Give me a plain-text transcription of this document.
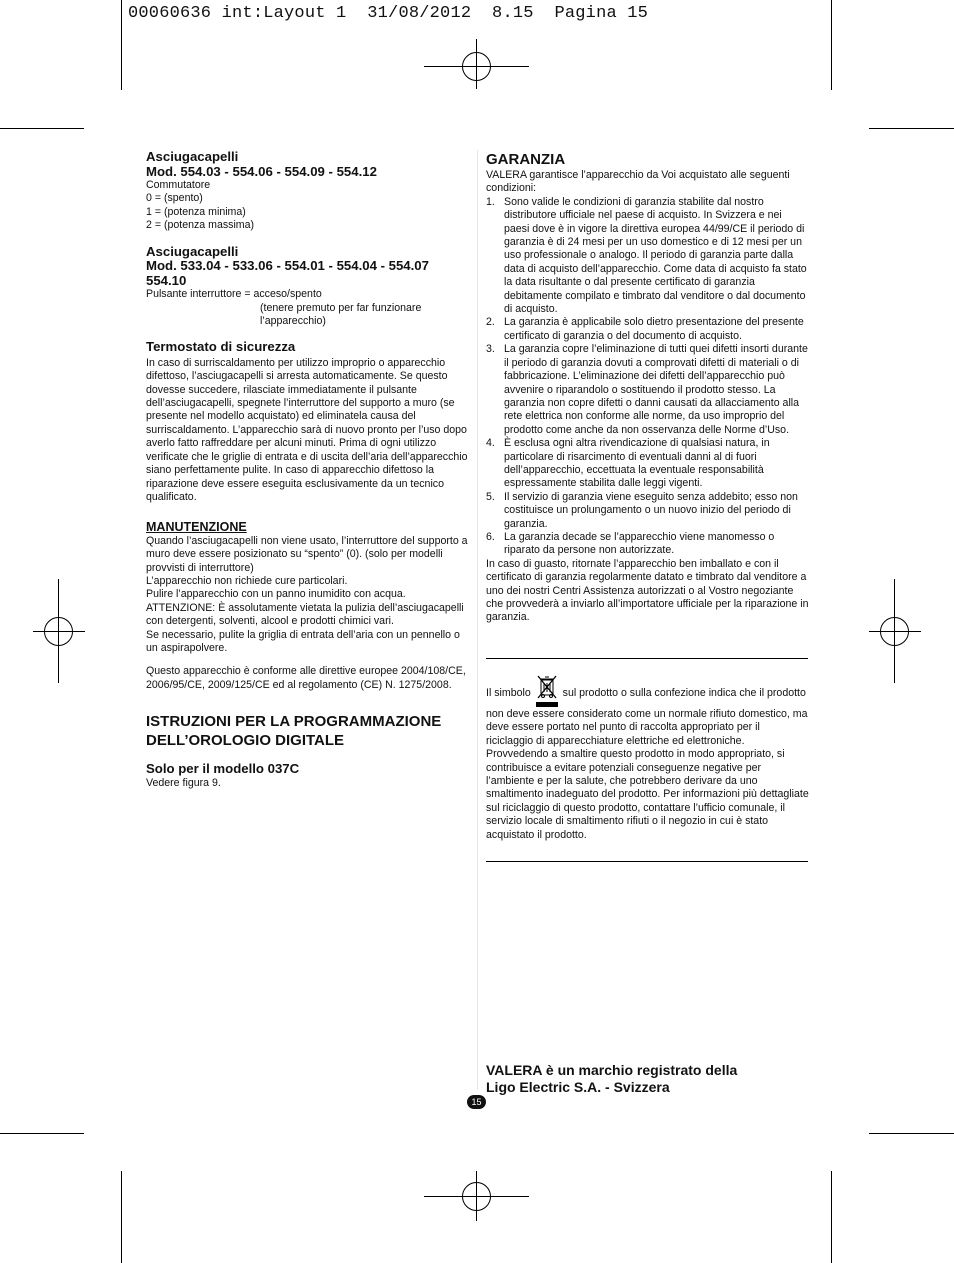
00060636 int:Layout 1  31/08/2012  8.15  Pagina 15
Asciugacapelli
Mod. 554.03 - 554.06 - 554.09 - 554.12

Commutatore

0 = (spento)

1 = (potenza minima)

2 = (potenza massima)

Asciugacapelli
Mod. 533.04 - 533.06 - 554.01 - 554.04 - 554.07
554.10

Pulsante interruttore = acceso/spento

(tenere premuto per far funzionare

l’apparecchio)

Termostato di sicurezza

In caso di surriscaldamento per utilizzo improprio o apparecchio difettoso, l’asciugacapelli si arresta automaticamente. Se questo dovesse succedere, rilasciate immediatamente il pulsante dell’asciugacapelli, spegnete l’interruttore del supporto a muro (se presente nel modello acquistato) ed eliminatela causa del surriscaldamento. L’apparecchio sarà di nuovo pronto per l’uso dopo averlo fatto raffreddare per alcuni minuti. Prima di ogni utilizzo verificate che le griglie di entrata e di uscita dell’aria dell’apparecchio siano perfettamente pulite. In caso di apparecchio difettoso la riparazione deve essere eseguita esclusivamente da un tecnico qualificato.

MANUTENZIONE

Quando l’asciugacapelli non viene usato, l’interruttore del supporto a muro deve essere posizionato su “spento” (0). (solo per modelli provvisti di interruttore)

L’apparecchio non richiede cure particolari.

Pulire l’apparecchio con un panno inumidito con acqua.

ATTENZIONE: È assolutamente vietata la pulizia dell’asciugacapelli con detergenti, solventi, alcool e prodotti chimici vari.

Se necessario, pulite la griglia di entrata dell’aria con un pennello o un aspirapolvere.

Questo apparecchio è conforme alle direttive europee 2004/108/CE, 2006/95/CE, 2009/125/CE ed al regolamento (CE) N. 1275/2008.

ISTRUZIONI PER LA PROGRAMMAZIONE DELL’OROLOGIO DIGITALE
Solo per il modello 037C

Vedere figura 9.

GARANZIA

VALERA garantisce l’apparecchio da Voi acquistato alle seguenti condizioni:

1. Sono valide le condizioni di garanzia stabilite dal nostro distributore ufficiale nel paese di acquisto. In Svizzera e nei paesi dove è in vigore la direttiva europea 44/99/CE il periodo di garanzia è di 24 mesi per un uso domestico e di 12 mesi per un uso professionale o analogo. Il periodo di garanzia parte dalla data di acquisto dell’apparecchio. Come data di acquisto fa stato la data risultante o dal presente certificato di garanzia debitamente compilato e timbrato dal venditore o dal documento di acquisto.
2. La garanzia è applicabile solo dietro presentazione del presente certificato di garanzia o del documento di acquisto.
3. La garanzia copre l’eliminazione di tutti quei difetti insorti durante il periodo di garanzia dovuti a comprovati difetti di materiali o di fabbricazione. L’eliminazione dei difetti dell’apparecchio può avvenire o riparandolo o sostituendo il prodotto stesso. La garanzia non copre difetti o danni causati da allacciamento alla rete elettrica non conforme alle norme, da uso improprio del prodotto come anche da non osservanza delle Norme d’Uso.
4. È esclusa ogni altra rivendicazione di qualsiasi natura, in particolare di risarcimento di eventuali danni al di fuori dell’apparecchio, eccettuata la eventuale responsabilità espressamente stabilita dalle leggi vigenti.
5. Il servizio di garanzia viene eseguito senza addebito; esso non costituisce un prolungamento o un nuovo inizio del periodo di garanzia.
6. La garanzia decade se l’apparecchio viene manomesso o riparato da persone non autorizzate.

In caso di guasto, ritornate l’apparecchio ben imballato e con il certificato di garanzia regolarmente datato e timbrato dal venditore a uno dei nostri Centri Assistenza autorizzati o al Vostro negoziante che provvederà a inviarlo all’importatore ufficiale per la riparazione in garanzia.

Il simbolo	sul prodotto o sulla confezione indica che il prodotto non deve essere considerato come un normale rifiuto domestico, ma deve essere portato nel punto di raccolta appropriato per il riciclaggio di apparecchiature elettriche ed elettroniche. Provvedendo a smaltire questo prodotto in modo appropriato, si contribuisce a evitare potenziali conseguenze negative per l’ambiente e per la salute, che potrebbero derivare da uno smaltimento inadeguato del prodotto. Per informazioni più dettagliate sul riciclaggio di questo prodotto, contattare l’ufficio comunale, il servizio locale di smaltimento rifiuti o il negozio in cui è stato acquistato il prodotto.

VALERA è un marchio registrato della
Ligo Electric S.A. - Svizzera
15
